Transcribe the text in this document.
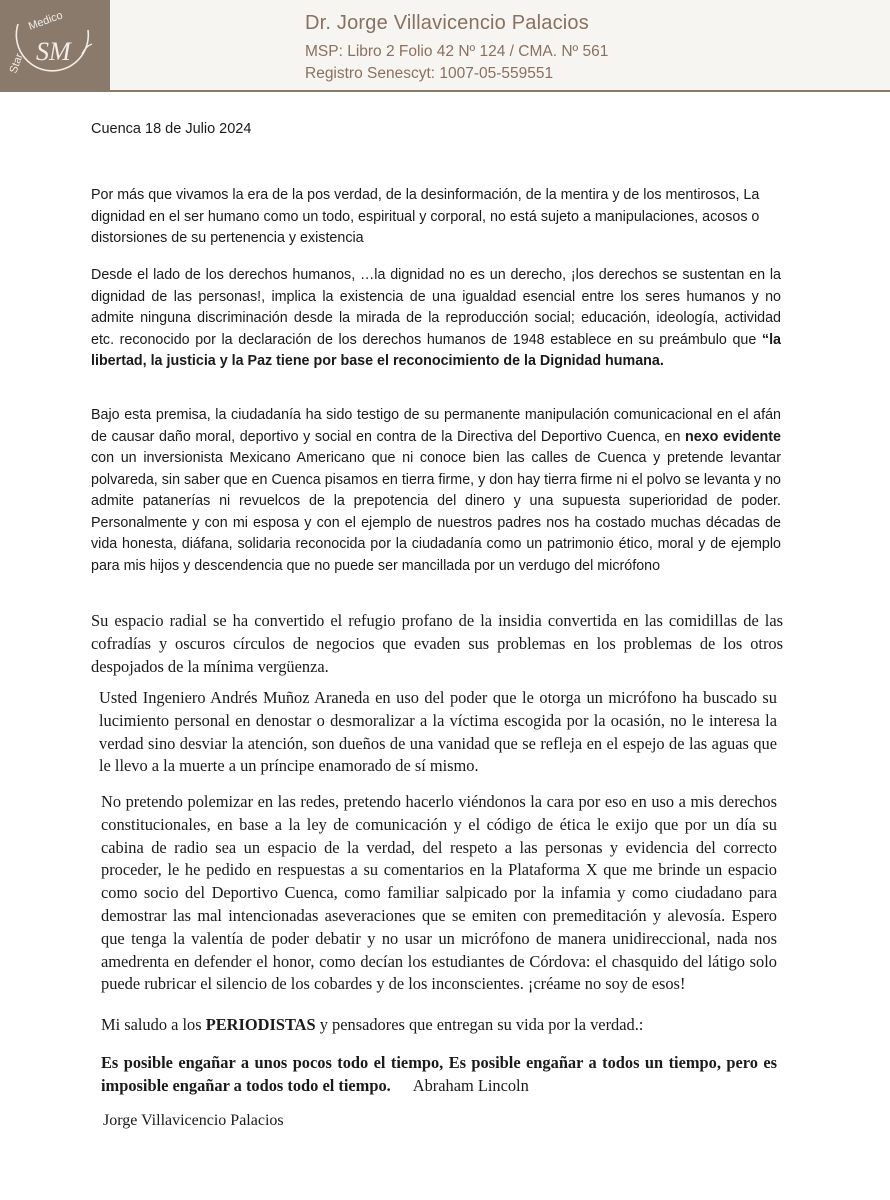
Star
Medico
SM
Dr. Jorge Villavicencio Palacios
MSP: Libro 2 Folio 42 Nº 124 / CMA. Nº 561
Registro Senescyt: 1007-05-559551
Cuenca 18 de Julio 2024
Por más que vivamos la era de la pos verdad, de la desinformación, de la mentira y de los mentirosos, La dignidad en el ser humano como un todo, espiritual y corporal, no está sujeto a manipulaciones, acosos o distorsiones de su pertenencia y existencia
Desde el lado de los derechos humanos, …la dignidad no es un derecho, ¡los derechos se sustentan en la dignidad de las personas!, implica la existencia de una igualdad esencial entre los seres humanos y no admite ninguna discriminación desde la mirada de la reproducción social; educación, ideología, actividad etc. reconocido por la declaración de los derechos humanos de 1948 establece en su preámbulo que “la libertad, la justicia y la Paz tiene por base el reconocimiento de la Dignidad humana.
Bajo esta premisa, la ciudadanía ha sido testigo de su permanente manipulación comunicacional en el afán de causar daño moral, deportivo y social en contra de la Directiva del Deportivo Cuenca, en nexo evidente con un inversionista Mexicano Americano que ni conoce bien las calles de Cuenca y pretende levantar polvareda, sin saber que en Cuenca pisamos en tierra firme, y don hay tierra firme ni el polvo se levanta y no admite patanerías ni revuelcos de la prepotencia del dinero y una supuesta superioridad de poder. Personalmente y con mi esposa y con el ejemplo de nuestros padres nos ha costado muchas décadas de vida honesta, diáfana, solidaria reconocida por la ciudadanía como un patrimonio ético, moral y de ejemplo para mis hijos y descendencia que no puede ser mancillada por un verdugo del micrófono
Su espacio radial se ha convertido el refugio profano de la insidia convertida en las comidillas de las cofradías y oscuros círculos de negocios que evaden sus problemas en los problemas de los otros despojados de la mínima vergüenza.
Usted Ingeniero Andrés Muñoz Araneda en uso del poder que le otorga un micrófono ha buscado su lucimiento personal en denostar o desmoralizar a la víctima escogida por la ocasión, no le interesa la verdad sino desviar la atención, son dueños de una vanidad que se refleja en el espejo de las aguas que le llevo a la muerte a un príncipe enamorado de sí mismo.
No pretendo polemizar en las redes, pretendo hacerlo viéndonos la cara por eso en uso a mis derechos constitucionales, en base a la ley de comunicación y el código de ética le exijo que por un día su cabina de radio sea un espacio de la verdad, del respeto a las personas y evidencia del correcto proceder, le he pedido en respuestas a su comentarios en la Plataforma X que me brinde un espacio como socio del Deportivo Cuenca, como familiar salpicado por la infamia y como ciudadano para demostrar las mal intencionadas aseveraciones que se emiten con premeditación y alevosía. Espero que tenga la valentía de poder debatir y no usar un micrófono de manera unidireccional, nada nos amedrenta en defender el honor, como decían los estudiantes de Córdova: el chasquido del látigo solo puede rubricar el silencio de los cobardes y de los inconscientes. ¡créame no soy de esos!
Mi saludo a los PERIODISTAS y pensadores que entregan su vida por la verdad.:
Es posible engañar a unos pocos todo el tiempo, Es posible engañar a todos un tiempo, pero es imposible engañar a todos todo el tiempo. Abraham Lincoln
Jorge Villavicencio Palacios
